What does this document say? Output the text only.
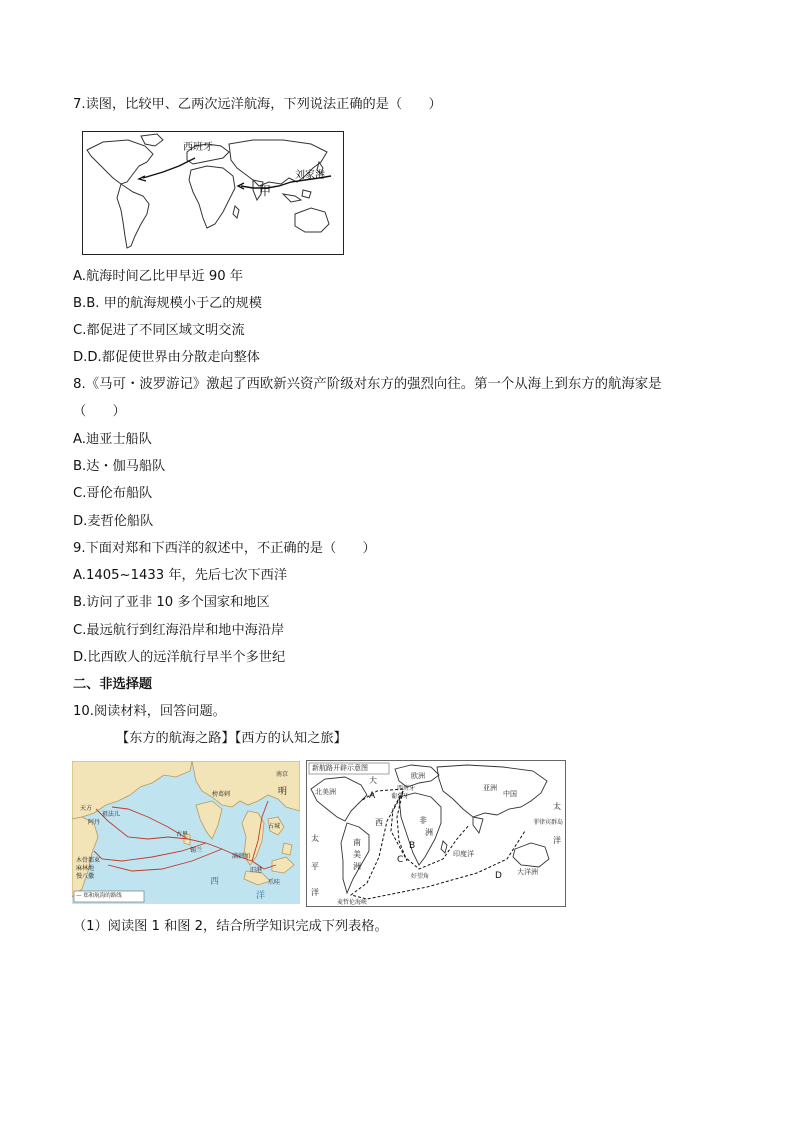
7.读图，比较甲、乙两次远洋航海，下列说法正确的是（　　）
西班牙
甲
刘家港
A.航海时间乙比甲早近 90 年
B.B. 甲的航海规模小于乙的规模
C.都促进了不同区域文明交流
D.D.都促使世界由分散走向整体
8.《马可・波罗游记》激起了西欧新兴资产阶级对东方的强烈向往。第一个从海上到东方的航海家是
（　　）
A.迪亚士船队
B.达・伽马船队
C.哥伦布船队
D.麦哲伦船队
9.下面对郑和下西洋的叙述中，不正确的是（　　）
A.1405~1433 年，先后七次下西洋
B.访问了亚非 10 多个国家和地区
C.最远航行到红海沿岸和地中海沿岸
D.比西欧人的远洋航行早半个多世纪
二、非选择题
10.阅读材料，回答问题。
【东方的航海之路】【西方的认知之旅】
天方
阿丹
祖法儿
木骨都束
慢八撒
麻林地
锡兰
古里
榜葛剌
满刺加
占城
旧港
爪哇
南京
明
西
洋
— 郑和航海的路线
新航路开辟示意图
北美洲
大	欧洲
亚洲
中国
太
A
西	非
南
美
洲
太
平
洋
印度洋
大洋洲
B
C
D
洲
洋
好望角
麦哲伦海峡
菲律宾群岛
西班牙
葡萄牙
（1）阅读图 1 和图 2，结合所学知识完成下列表格。
